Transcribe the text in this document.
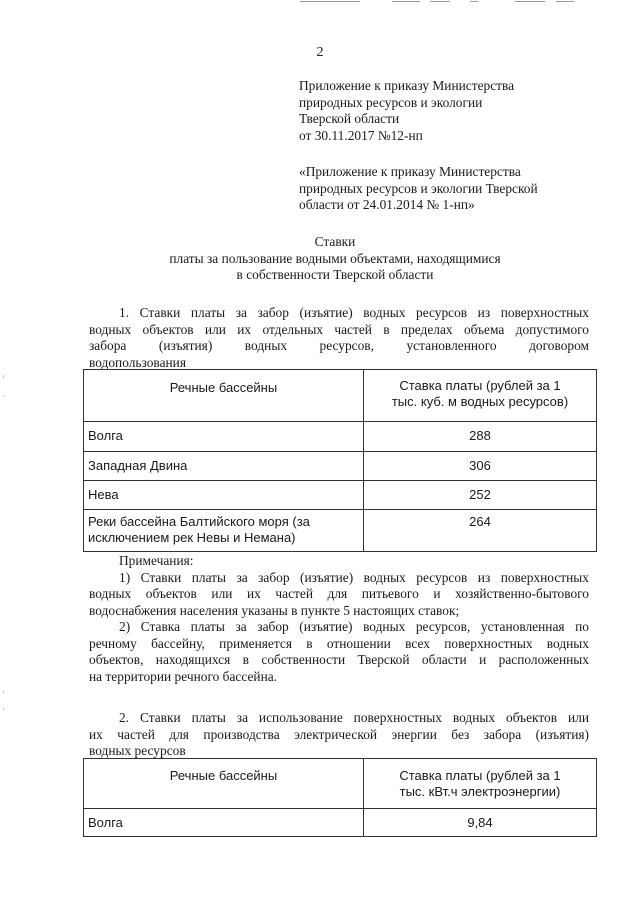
2
Приложение к приказу Министерства
природных ресурсов и экологии
Тверской области
от 30.11.2017 №12-нп
«Приложение к приказу Министерства
природных ресурсов и экологии Тверской
области от 24.01.2014 № 1-нп»
Ставки
платы за пользование водными объектами, находящимися
в собственности Тверской области
1. Ставки платы за забор (изъятие) водных ресурсов из поверхностных
водных объектов или их отдельных частей в пределах объема допустимого
забора (изъятия) водных ресурсов, установленного договором
водопользования
Речные бассейны	Ставка платы (рублей за 1 тыс. куб. м водных ресурсов)
Волга	288
Западная Двина	306
Нева	252
Реки бассейна Балтийского моря (за исключением рек Невы и Немана)	264
Примечания:
1) Ставки платы за забор (изъятие) водных ресурсов из поверхностных
водных объектов или их частей для питьевого и хозяйственно-бытового
водоснабжения населения указаны в пункте 5 настоящих ставок;
2) Ставка платы за забор (изъятие) водных ресурсов, установленная по
речному бассейну, применяется в отношении всех поверхностных водных
объектов, находящихся в собственности Тверской области и расположенных
на территории речного бассейна.
2. Ставки платы за использование поверхностных водных объектов или
их частей для производства электрической энергии без забора (изъятия)
водных ресурсов
Речные бассейны	Ставка платы (рублей за 1 тыс. кВт.ч электроэнергии)
Волга	9,84
